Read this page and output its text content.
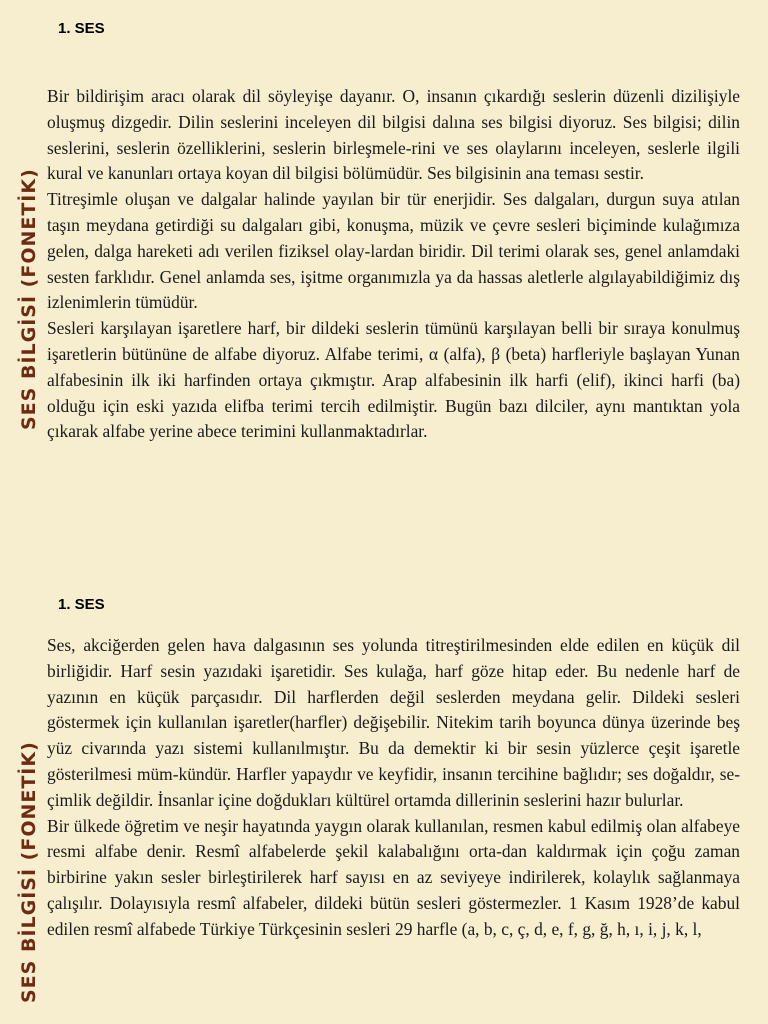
1. SES
SES BİLGİSİ (FONETİK)

Bir bildirişim aracı olarak dil söyleyişe dayanır. O, insanın çıkardığı seslerin düzenli dizilişiyle oluşmuş dizgedir. Dilin seslerini inceleyen dil bilgisi dalına ses bilgisi diyoruz. Ses bilgisi; dilin seslerini, seslerin özelliklerini, seslerin birleşmele-rini ve ses olaylarını inceleyen, seslerle ilgili kural ve kanunları ortaya koyan dil bilgisi bölümüdür. Ses bilgisinin ana teması sestir.

Titreşimle oluşan ve dalgalar halinde yayılan bir tür enerjidir. Ses dalgaları, durgun suya atılan taşın meydana getirdiği su dalgaları gibi, konuşma, müzik ve çevre sesleri biçiminde kulağımıza gelen, dalga hareketi adı verilen fiziksel olay-lardan biridir. Dil terimi olarak ses, genel anlamdaki sesten farklıdır. Genel anlamda ses, işitme organımızla ya da hassas aletlerle algılayabildiğimiz dış izlenimlerin tümüdür.

Sesleri karşılayan işaretlere harf, bir dildeki seslerin tümünü karşılayan belli bir sıraya konulmuş işaretlerin bütününe de alfabe diyoruz. Alfabe terimi, α (alfa), β (beta) harfleriyle başlayan Yunan alfabesinin ilk iki harfinden ortaya çıkmıştır. Arap alfabesinin ilk harfi (elif), ikinci harfi (ba) olduğu için eski yazıda elifba terimi tercih edilmiştir. Bugün bazı dilciler, aynı mantıktan yola çıkarak alfabe yerine abece terimini kullanmaktadırlar.

1. SES
SES BİLGİSİ (FONETİK)

Ses, akciğerden gelen hava dalgasının ses yolunda titreştirilmesinden elde edilen en küçük dil birliğidir. Harf sesin yazıdaki işaretidir. Ses kulağa, harf göze hitap eder. Bu nedenle harf de yazının en küçük parçasıdır. Dil harflerden değil seslerden meydana gelir. Dildeki sesleri göstermek için kullanılan işaretler(harfler) değişebilir. Nitekim tarih boyunca dünya üzerinde beş yüz civarında yazı sistemi kullanılmıştır. Bu da demektir ki bir sesin yüzlerce çeşit işaretle gösterilmesi müm-kündür. Harfler yapaydır ve keyfidir, insanın tercihine bağlıdır; ses doğaldır, se-çimlik değildir. İnsanlar içine doğdukları kültürel ortamda dillerinin seslerini hazır bulurlar.

Bir ülkede öğretim ve neşir hayatında yaygın olarak kullanılan, resmen kabul edilmiş olan alfabeye resmi alfabe denir. Resmî alfabelerde şekil kalabalığını orta-dan kaldırmak için çoğu zaman birbirine yakın sesler birleştirilerek harf sayısı en az seviyeye indirilerek, kolaylık sağlanmaya çalışılır. Dolayısıyla resmî alfabeler, dildeki bütün sesleri göstermezler. 1 Kasım 1928’de kabul edilen resmî alfabede Türkiye Türkçesinin sesleri 29 harfle (a, b, c, ç, d, e, f, g, ğ, h, ı, i, j, k, l,
